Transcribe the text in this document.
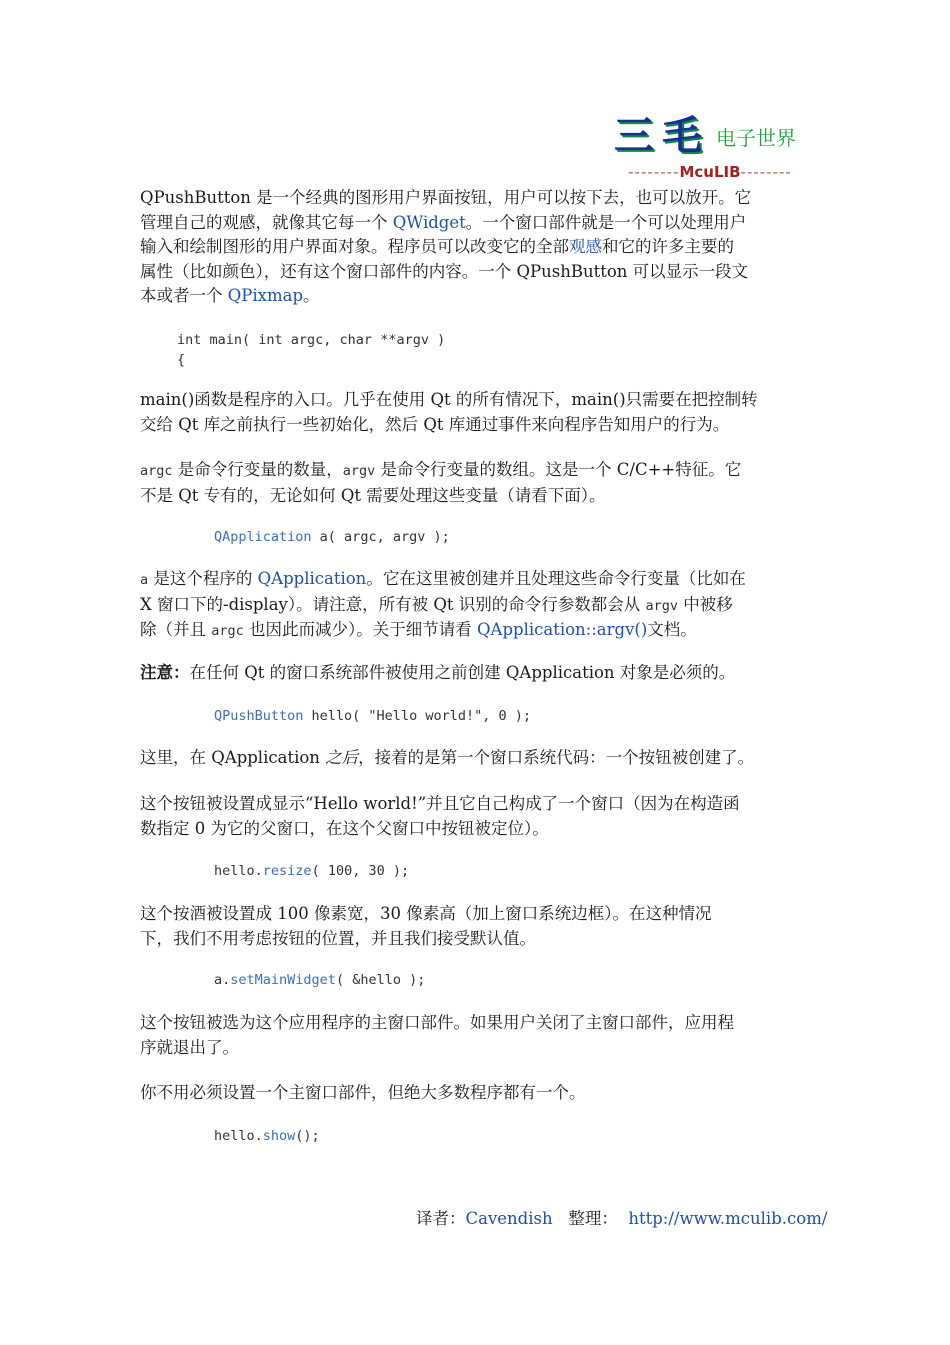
三毛 电子世界
--------McuLIB--------
QPushButton 是一个经典的图形用户界面按钮，用户可以按下去，也可以放开。它
管理自己的观感，就像其它每一个 QWidget。一个窗口部件就是一个可以处理用户
输入和绘制图形的用户界面对象。程序员可以改变它的全部观感和它的许多主要的
属性（比如颜色），还有这个窗口部件的内容。一个 QPushButton 可以显示一段文
本或者一个 QPixmap。
int main( int argc, char **argv )
{
main()函数是程序的入口。几乎在使用 Qt 的所有情况下，main()只需要在把控制转
交给 Qt 库之前执行一些初始化，然后 Qt 库通过事件来向程序告知用户的行为。
argc 是命令行变量的数量，argv 是命令行变量的数组。这是一个 C/C++特征。它
不是 Qt 专有的，无论如何 Qt 需要处理这些变量（请看下面）。
QApplication a( argc, argv );
a 是这个程序的 QApplication。它在这里被创建并且处理这些命令行变量（比如在
X 窗口下的-display）。请注意，所有被 Qt 识别的命令行参数都会从 argv 中被移
除（并且 argc 也因此而减少）。关于细节请看 QApplication::argv()文档。
注意：在任何 Qt 的窗口系统部件被使用之前创建 QApplication 对象是必须的。
QPushButton hello( "Hello world!", 0 );
这里，在 QApplication 之后，接着的是第一个窗口系统代码：一个按钮被创建了。
这个按钮被设置成显示“Hello world!”并且它自己构成了一个窗口（因为在构造函
数指定 0 为它的父窗口，在这个父窗口中按钮被定位）。
hello.resize( 100, 30 );
这个按酒被设置成 100 像素宽，30 像素高（加上窗口系统边框）。在这种情况
下，我们不用考虑按钮的位置，并且我们接受默认值。
a.setMainWidget( &hello );
这个按钮被选为这个应用程序的主窗口部件。如果用户关闭了主窗口部件，应用程
序就退出了。
你不用必须设置一个主窗口部件，但绝大多数程序都有一个。
hello.show();
译者：Cavendish 整理： http://www.mculib.com/
